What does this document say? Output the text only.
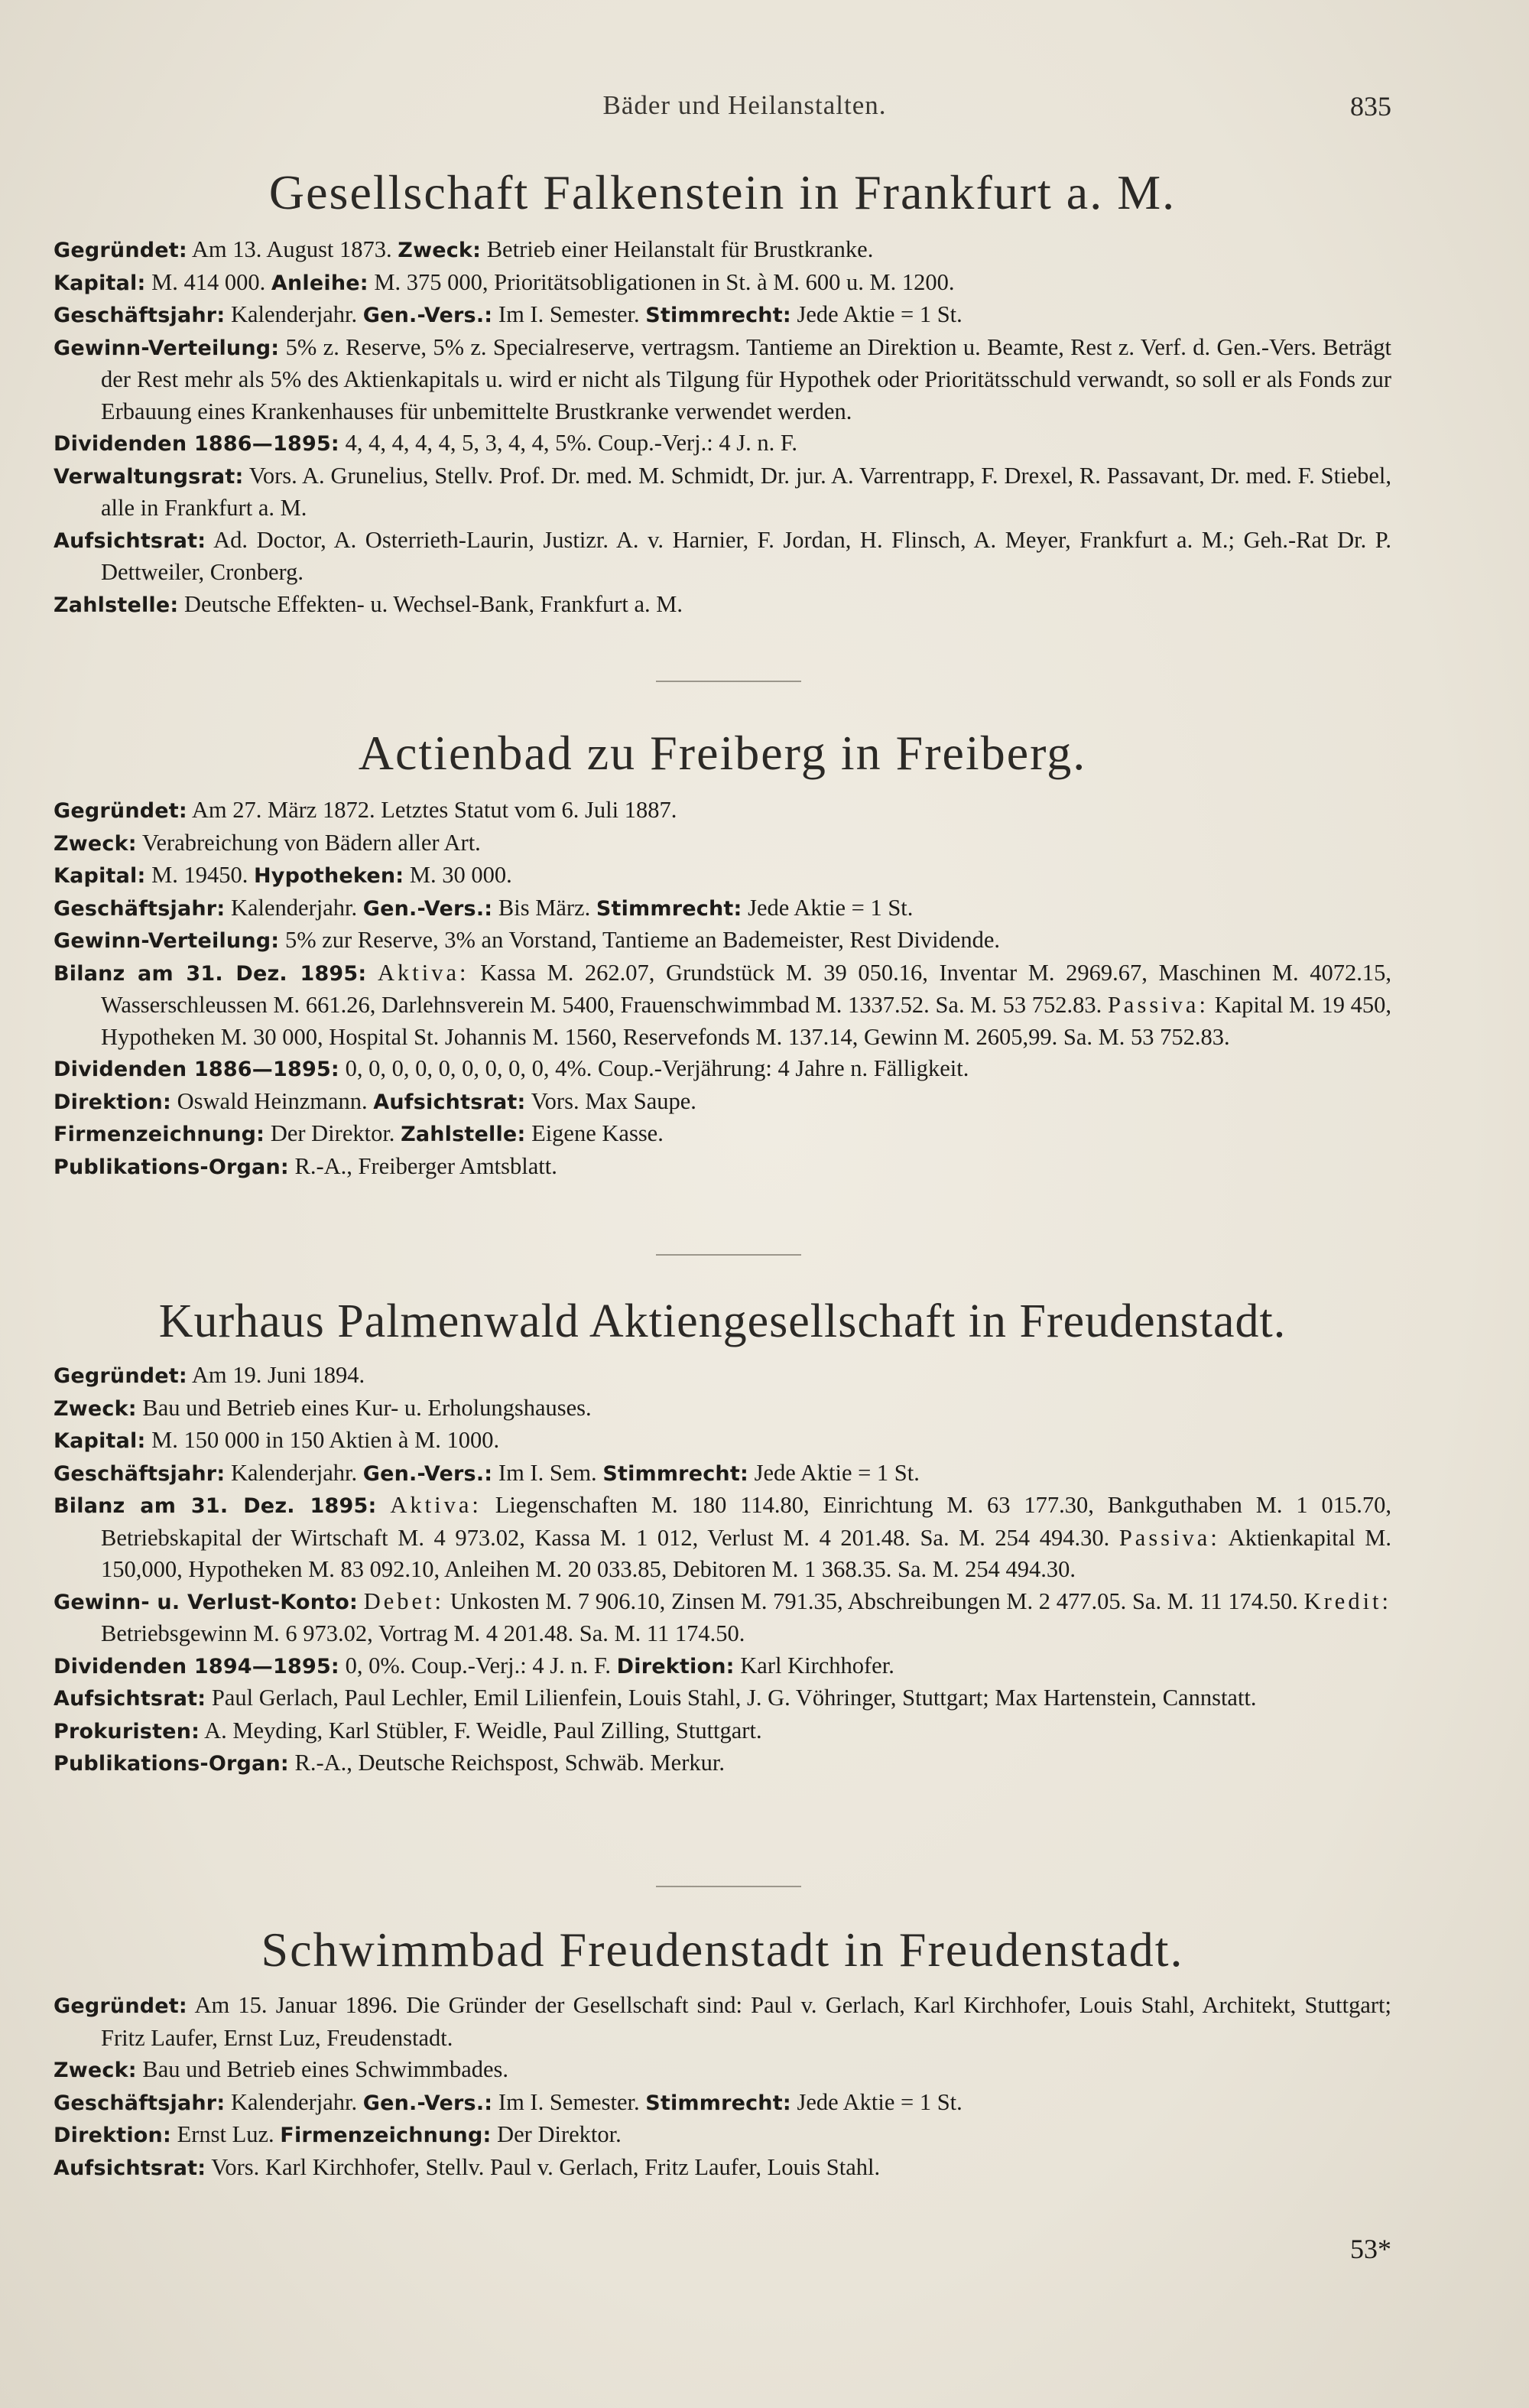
Bäder und Heilanstalten.	835
Gesellschaft Falkenstein in Frankfurt a. M.

Gegründet: Am 13. August 1873. Zweck: Betrieb einer Heilanstalt für Brustkranke.

Kapital: M. 414 000. Anleihe: M. 375 000, Prioritätsobligationen in St. à M. 600 u. M. 1200.

Geschäftsjahr: Kalenderjahr. Gen.-Vers.: Im I. Semester. Stimmrecht: Jede Aktie = 1 St.

Gewinn-Verteilung: 5% z. Reserve, 5% z. Specialreserve, vertragsm. Tantieme an Direktion u. Beamte, Rest z. Verf. d. Gen.-Vers. Beträgt der Rest mehr als 5% des Aktienkapitals u. wird er nicht als Tilgung für Hypothek oder Prioritätsschuld verwandt, so soll er als Fonds zur Erbauung eines Krankenhauses für unbemittelte Brustkranke verwendet werden.

Dividenden 1886—1895: 4, 4, 4, 4, 4, 5, 3, 4, 4, 5%. Coup.-Verj.: 4 J. n. F.

Verwaltungsrat: Vors. A. Grunelius, Stellv. Prof. Dr. med. M. Schmidt, Dr. jur. A. Varrentrapp, F. Drexel, R. Passavant, Dr. med. F. Stiebel, alle in Frankfurt a. M.

Aufsichtsrat: Ad. Doctor, A. Osterrieth-Laurin, Justizr. A. v. Harnier, F. Jordan, H. Flinsch, A. Meyer, Frankfurt a. M.; Geh.-Rat Dr. P. Dettweiler, Cronberg.

Zahlstelle: Deutsche Effekten- u. Wechsel-Bank, Frankfurt a. M.

Actienbad zu Freiberg in Freiberg.

Gegründet: Am 27. März 1872. Letztes Statut vom 6. Juli 1887.

Zweck: Verabreichung von Bädern aller Art.

Kapital: M. 19450. Hypotheken: M. 30 000.

Geschäftsjahr: Kalenderjahr. Gen.-Vers.: Bis März. Stimmrecht: Jede Aktie = 1 St.

Gewinn-Verteilung: 5% zur Reserve, 3% an Vorstand, Tantieme an Bademeister, Rest Dividende.

Bilanz am 31. Dez. 1895: Aktiva: Kassa M. 262.07, Grundstück M. 39 050.16, Inventar M. 2969.67, Maschinen M. 4072.15, Wasserschleussen M. 661.26, Darlehnsverein M. 5400, Frauenschwimmbad M. 1337.52. Sa. M. 53 752.83. Passiva: Kapital M. 19 450, Hypotheken M. 30 000, Hospital St. Johannis M. 1560, Reservefonds M. 137.14, Gewinn M. 2605,99. Sa. M. 53 752.83.

Dividenden 1886—1895: 0, 0, 0, 0, 0, 0, 0, 0, 0, 4%. Coup.-Verjährung: 4 Jahre n. Fälligkeit.

Direktion: Oswald Heinzmann. Aufsichtsrat: Vors. Max Saupe.

Firmenzeichnung: Der Direktor. Zahlstelle: Eigene Kasse.

Publikations-Organ: R.-A., Freiberger Amtsblatt.

Kurhaus Palmenwald Aktiengesellschaft in Freudenstadt.

Gegründet: Am 19. Juni 1894.

Zweck: Bau und Betrieb eines Kur- u. Erholungshauses.

Kapital: M. 150 000 in 150 Aktien à M. 1000.

Geschäftsjahr: Kalenderjahr. Gen.-Vers.: Im I. Sem. Stimmrecht: Jede Aktie = 1 St.

Bilanz am 31. Dez. 1895: Aktiva: Liegenschaften M. 180 114.80, Einrichtung M. 63 177.30, Bankguthaben M. 1 015.70, Betriebskapital der Wirtschaft M. 4 973.02, Kassa M. 1 012, Verlust M. 4 201.48. Sa. M. 254 494.30. Passiva: Aktienkapital M. 150,000, Hypotheken M. 83 092.10, Anleihen M. 20 033.85, Debitoren M. 1 368.35. Sa. M. 254 494.30.

Gewinn- u. Verlust-Konto: Debet: Unkosten M. 7 906.10, Zinsen M. 791.35, Abschreibungen M. 2 477.05. Sa. M. 11 174.50. Kredit: Betriebsgewinn M. 6 973.02, Vortrag M. 4 201.48. Sa. M. 11 174.50.

Dividenden 1894—1895: 0, 0%. Coup.-Verj.: 4 J. n. F. Direktion: Karl Kirchhofer.

Aufsichtsrat: Paul Gerlach, Paul Lechler, Emil Lilienfein, Louis Stahl, J. G. Vöhringer, Stuttgart; Max Hartenstein, Cannstatt.

Prokuristen: A. Meyding, Karl Stübler, F. Weidle, Paul Zilling, Stuttgart.

Publikations-Organ: R.-A., Deutsche Reichspost, Schwäb. Merkur.

Schwimmbad Freudenstadt in Freudenstadt.

Gegründet: Am 15. Januar 1896. Die Gründer der Gesellschaft sind: Paul v. Gerlach, Karl Kirchhofer, Louis Stahl, Architekt, Stuttgart; Fritz Laufer, Ernst Luz, Freudenstadt.

Zweck: Bau und Betrieb eines Schwimmbades.

Geschäftsjahr: Kalenderjahr. Gen.-Vers.: Im I. Semester. Stimmrecht: Jede Aktie = 1 St.

Direktion: Ernst Luz. Firmenzeichnung: Der Direktor.

Aufsichtsrat: Vors. Karl Kirchhofer, Stellv. Paul v. Gerlach, Fritz Laufer, Louis Stahl.

53*
